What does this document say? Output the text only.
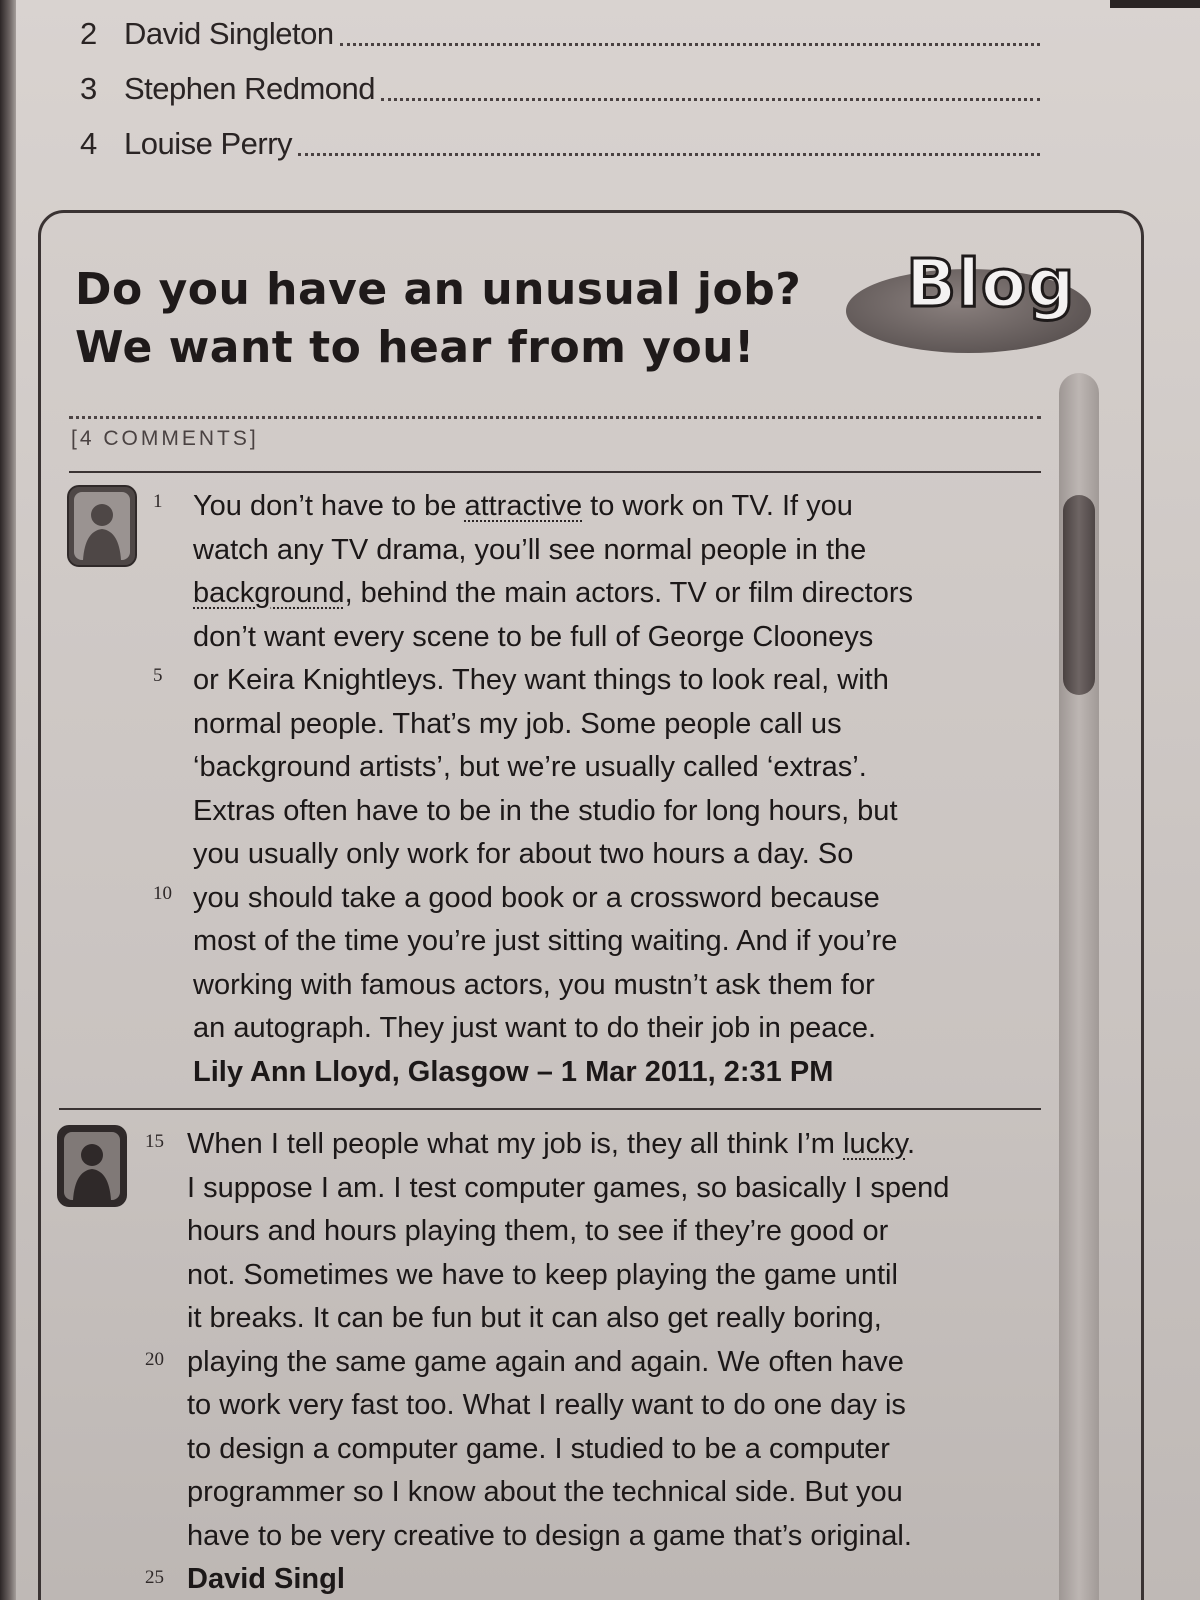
2 David Singleton
3 Stephen Redmond
4 Louise Perry
Do you have an unusual job?
We want to hear from you!
Blog
[4 COMMENTS]
1
5
10

You don’t have to be attractive to work on TV. If you
watch any TV drama, you’ll see normal people in the
background, behind the main actors. TV or film directors
don’t want every scene to be full of George Clooneys
or Keira Knightleys. They want things to look real, with
normal people. That’s my job. Some people call us
‘background artists’, but we’re usually called ‘extras’.
Extras often have to be in the studio for long hours, but
you usually only work for about two hours a day. So
you should take a good book or a crossword because
most of the time you’re just sitting waiting. And if you’re
working with famous actors, you mustn’t ask them for
an autograph. They just want to do their job in peace.
Lily Ann Lloyd, Glasgow – 1 Mar 2011, 2:31 PM

15
20
25

When I tell people what my job is, they all think I’m lucky.
I suppose I am. I test computer games, so basically I spend
hours and hours playing them, to see if they’re good or
not. Sometimes we have to keep playing the game until
it breaks. It can be fun but it can also get really boring,
playing the same game again and again. We often have
to work very fast too. What I really want to do one day is
to design a computer game. I studied to be a computer
programmer so I know about the technical side. But you
have to be very creative to design a game that’s original.
David Singl
